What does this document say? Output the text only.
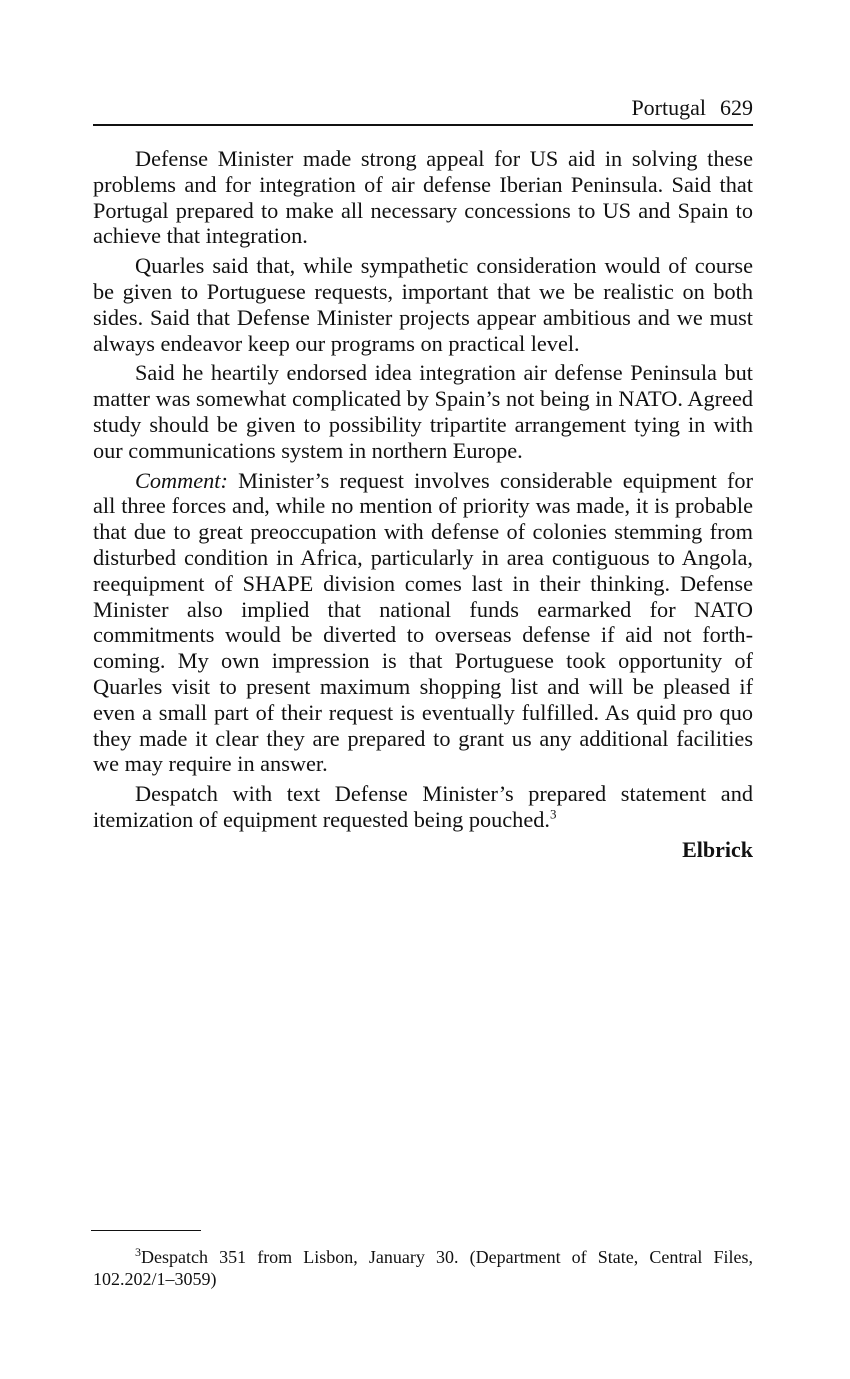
Portugal 629

Defense Minister made strong appeal for US aid in solving these problems and for integration of air defense Iberian Peninsula. Said that Portugal prepared to make all necessary concessions to US and Spain to achieve that integration.

Quarles said that, while sympathetic consideration would of course be given to Portuguese requests, important that we be realistic on both sides. Said that Defense Minister projects appear ambitious and we must always endeavor keep our programs on practical level.

Said he heartily endorsed idea integration air defense Peninsula but matter was somewhat complicated by Spain’s not being in NATO. Agreed study should be given to possibility tripartite arrangement tying in with our communications system in northern Europe.

Comment: Minister’s request involves considerable equipment for all three forces and, while no mention of priority was made, it is probable that due to great preoccupation with defense of colonies stemming from disturbed condition in Africa, particularly in area contiguous to Angola, reequipment of SHAPE division comes last in their thinking. Defense Minister also implied that national funds earmarked for NATO commitments would be diverted to overseas defense if aid not forthcoming. My own impression is that Portuguese took opportunity of Quarles visit to present maximum shopping list and will be pleased if even a small part of their request is eventually fulfilled. As quid pro quo they made it clear they are prepared to grant us any additional facilities we may require in answer.

Despatch with text Defense Minister’s prepared statement and itemization of equipment requested being pouched.$^3$

Elbrick

$^3$Despatch 351 from Lisbon, January 30. (Department of State, Central Files, 102.202/1–3059)
